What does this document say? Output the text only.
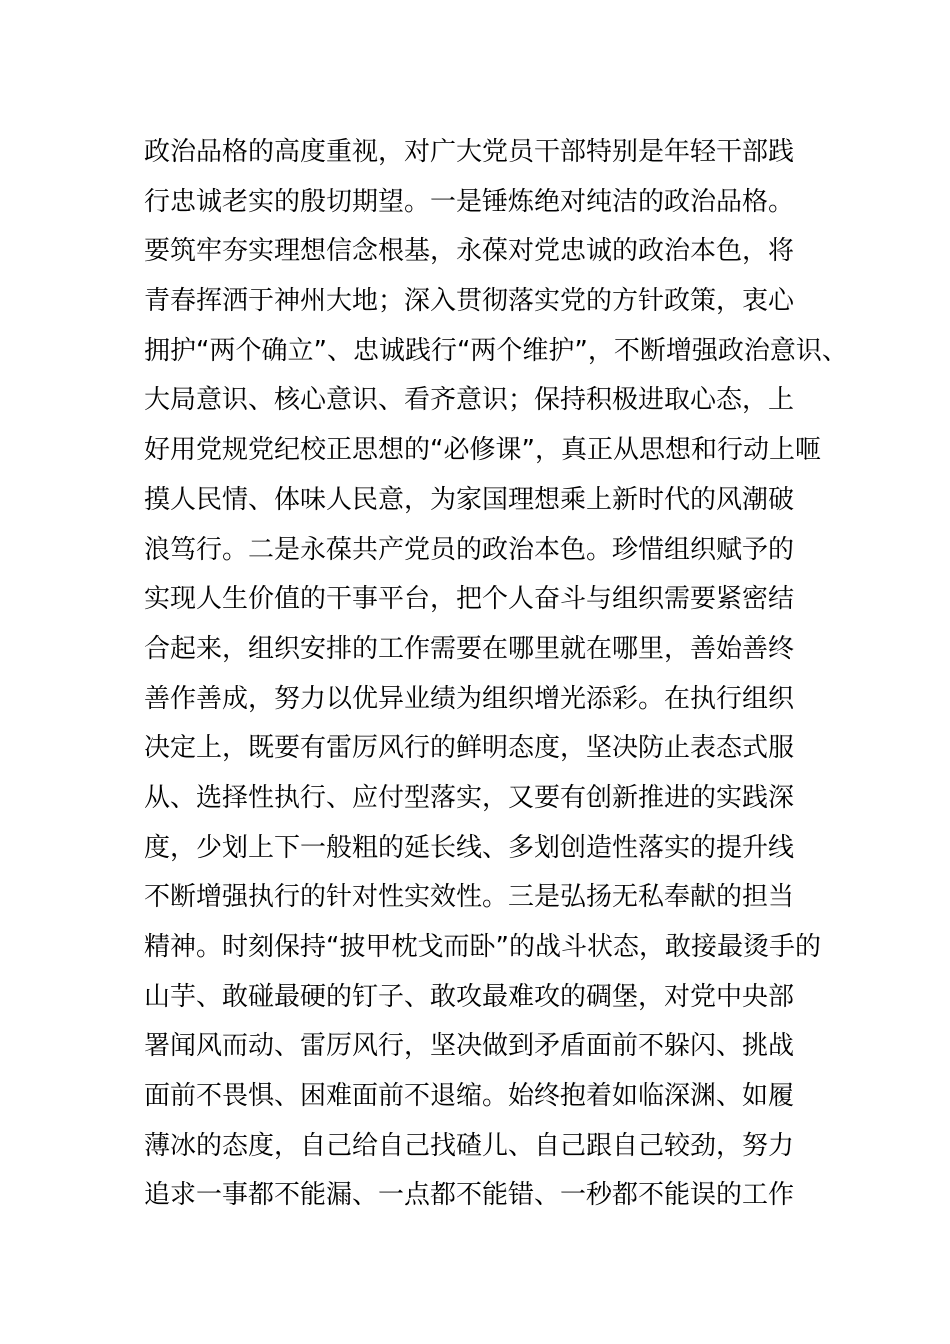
政治品格的高度重视，对广大党员干部特别是年轻干部践
行忠诚老实的殷切期望。一是锤炼绝对纯洁的政治品格。
要筑牢夯实理想信念根基，永葆对党忠诚的政治本色，将
青春挥洒于神州大地；深入贯彻落实党的方针政策，衷心
拥护“两个确立”、忠诚践行“两个维护”，不断增强政治意识、
大局意识、核心意识、看齐意识；保持积极进取心态，上
好用党规党纪校正思想的“必修课”，真正从思想和行动上咂
摸人民情、体味人民意，为家国理想乘上新时代的风潮破
浪笃行。二是永葆共产党员的政治本色。珍惜组织赋予的
实现人生价值的干事平台，把个人奋斗与组织需要紧密结
合起来，组织安排的工作需要在哪里就在哪里，善始善终
善作善成，努力以优异业绩为组织增光添彩。在执行组织
决定上，既要有雷厉风行的鲜明态度，坚决防止表态式服
从、选择性执行、应付型落实，又要有创新推进的实践深
度，少划上下一般粗的延长线、多划创造性落实的提升线
不断增强执行的针对性实效性。三是弘扬无私奉献的担当
精神。时刻保持“披甲枕戈而卧”的战斗状态，敢接最烫手的
山芋、敢碰最硬的钉子、敢攻最难攻的碉堡，对党中央部
署闻风而动、雷厉风行，坚决做到矛盾面前不躲闪、挑战
面前不畏惧、困难面前不退缩。始终抱着如临深渊、如履
薄冰的态度，自己给自己找碴儿、自己跟自己较劲，努力
追求一事都不能漏、一点都不能错、一秒都不能误的工作
